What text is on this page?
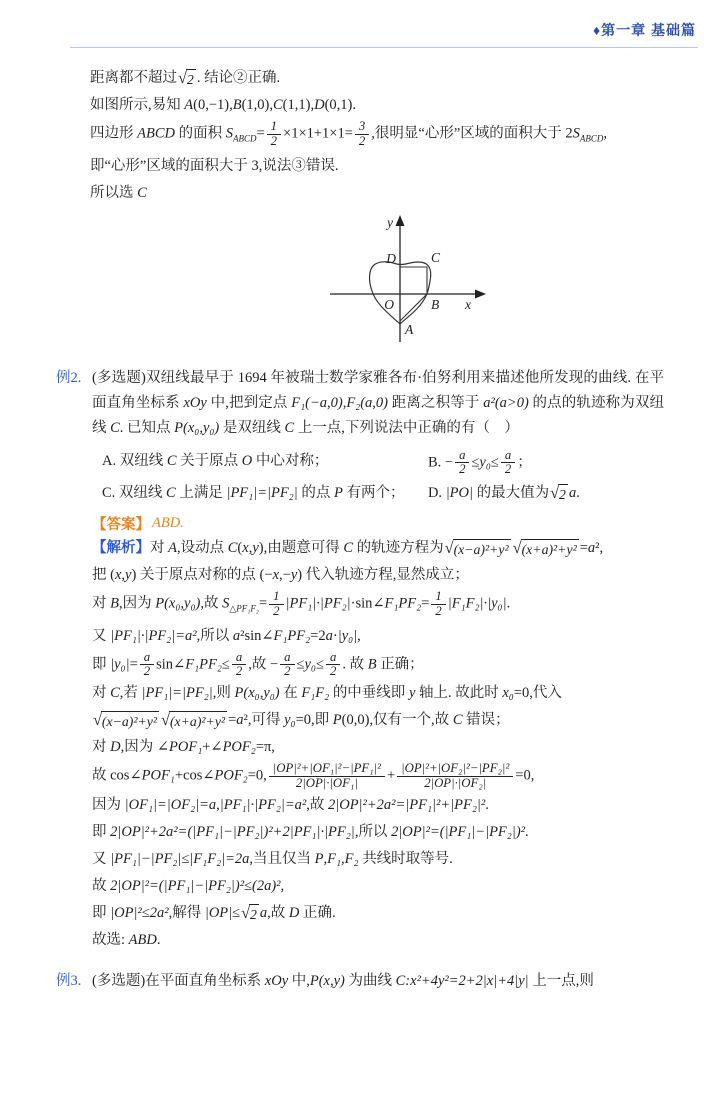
♦第一章 基础篇
距离都不超过 √ 2 . 结论②正确.
如图所示,易知 A(0,−1),B(1,0),C(1,1),D(0,1).
四边形 ABCD 的面积 $S_{ABCD}= \frac{1}{2} \times 1\times 1+1\times 1= \frac{3}{2}$ ,很明显“心形”区域的面积大于 $2S_{ABCD}$,
即“心形”区域的面积大于 3,说法③错误.
所以选 C
y
x
O
D	C
B
A
例2. (多选题)双纽线最早于 1694 年被瑞士数学家雅各布·伯努利用来描述他所发现的曲线. 在平面直角坐标系 xOy 中,把到定点 F₁(−a,0),F₂(a,0) 距离之积等于 a²(a>0) 的点的轨迹称为双纽线 C. 已知点 P(x₀,y₀) 是双纽线 C 上一点,下列说法中正确的有（　）
A. 双纽线 C 关于原点 O 中心对称；	B. − $\frac{a}{2} \le y_0\le \frac{a}{2}$ ；
C. 双纽线 C 上满足 |PF₁|=|PF₂| 的点 P 有两个；	D. |PO| 的最大值为 √ 2 a.
【答案】 ABD.
【解析】对 A,设动点 C(x,y),由题意可得 C 的轨迹方程为 √ (x−a)²+y² √ (x+a)²+y² =a²,
把 (x,y) 关于原点对称的点 (−x,−y) 代入轨迹方程,显然成立；
对 B,因为 P(x₀,y₀),故 $S_{\triangle PF_1F_2}= \frac{1}{2}$ |PF₁|·|PF₂|·sin∠F₁PF₂= $\frac{1}{2} |F_1F_2|\cdot|y_0|$.
又 |PF₁|·|PF₂|=a²,所以 a²sin∠F₁PF₂=2a·|y₀|,
即 $|y_0|= \frac{a}{2}$ sin∠F₁PF₂≤ $\frac{a}{2}$ ,故 − $\frac{a}{2} \le y_0\le \frac{a}{2}$ . 故 B 正确；
对 C,若 |PF₁|=|PF₂|,则 P(x₀,y₀) 在 F₁F₂ 的中垂线即 y 轴上. 故此时 x₀=0,代入
√ (x−a)²+y² √ (x+a)²+y² =a²,可得 y₀=0,即 P(0,0),仅有一个,故 C 错误；
对 D,因为 ∠POF₁+∠POF₂=π,
故 cos∠POF₁+cos∠POF₂=0, $\frac{\text{|OP|²+|OF₁|²−|PF₁|²}}{\text{2|OP|·|OF₁|}} + \frac{\text{|OP|²+|OF₂|²−|PF₂|²}}{\text{2|OP|·|OF₂|}} =0$,
因为 |OF₁|=|OF₂|=a,|PF₁|·|PF₂|=a²,故 2|OP|²+2a²=|PF₁|²+|PF₂|².
即 2|OP|²+2a²=(|PF₁|−|PF₂|)²+2|PF₁|·|PF₂|,所以 2|OP|²=(|PF₁|−|PF₂|)².
又 |PF₁|−|PF₂|≤|F₁F₂|=2a,当且仅当 P,F₁,F₂ 共线时取等号.
故 2|OP|²=(|PF₁|−|PF₂|)²≤(2a)²,
即 |OP|²≤2a²,解得 |OP|≤ √ 2 a,故 D 正确.
故选: ABD.
例3. (多选题)在平面直角坐标系 xOy 中,P(x,y) 为曲线 C:x²+4y²=2+2|x|+4|y| 上一点,则
